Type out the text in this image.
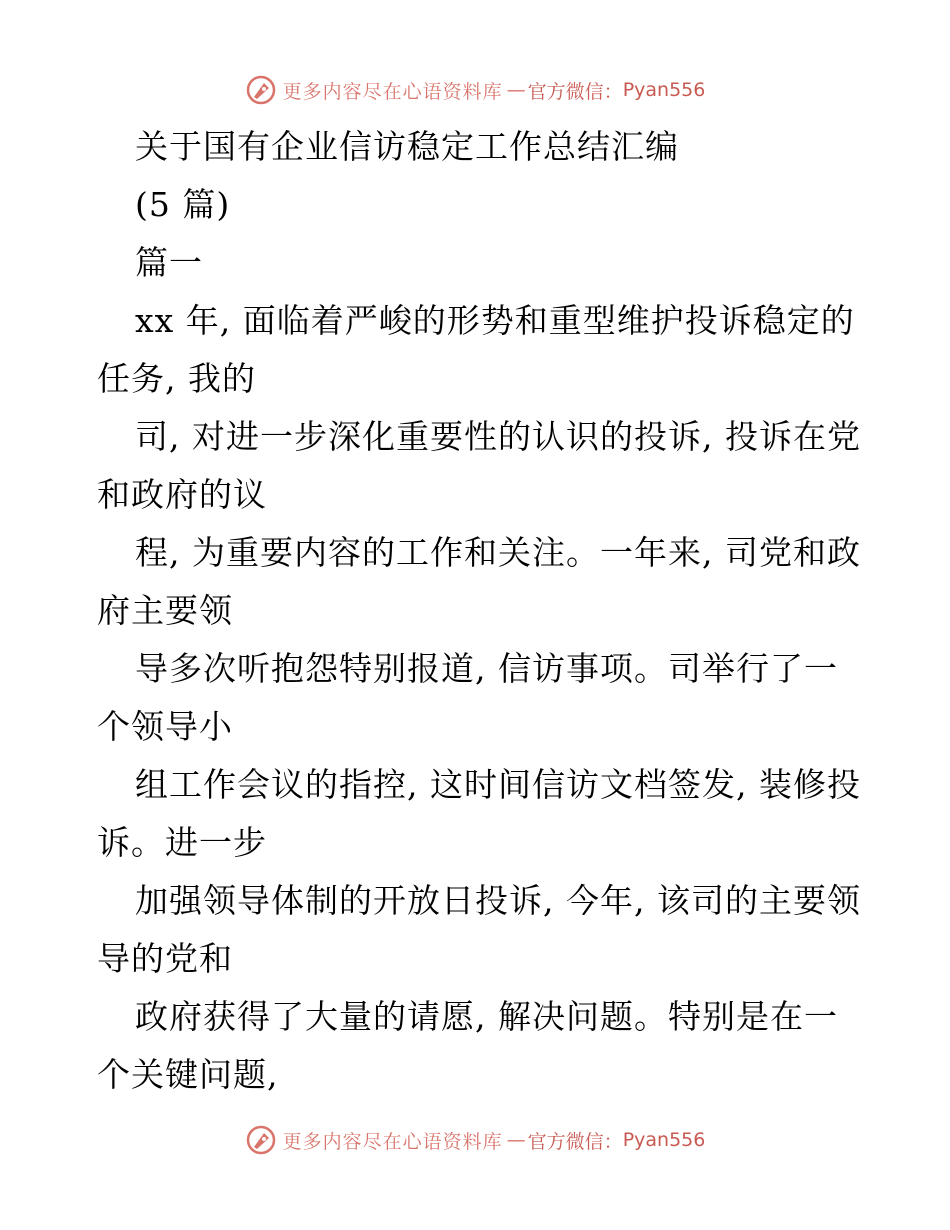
更多内容尽在心语资料库 — 官方微信： Pyan556
关于国有企业信访稳定工作总结汇编
(5 篇)
篇一
xx 年, 面临着严峻的形势和重型维护投诉稳定的
任务, 我的
司, 对进一步深化重要性的认识的投诉, 投诉在党
和政府的议
程, 为重要内容的工作和关注。一年来, 司党和政
府主要领
导多次听抱怨特别报道, 信访事项。司举行了一
个领导小
组工作会议的指控, 这时间信访文档签发, 装修投
诉。进一步
加强领导体制的开放日投诉, 今年, 该司的主要领
导的党和
政府获得了大量的请愿, 解决问题。特别是在一
个关键问题,
更多内容尽在心语资料库 — 官方微信： Pyan556
